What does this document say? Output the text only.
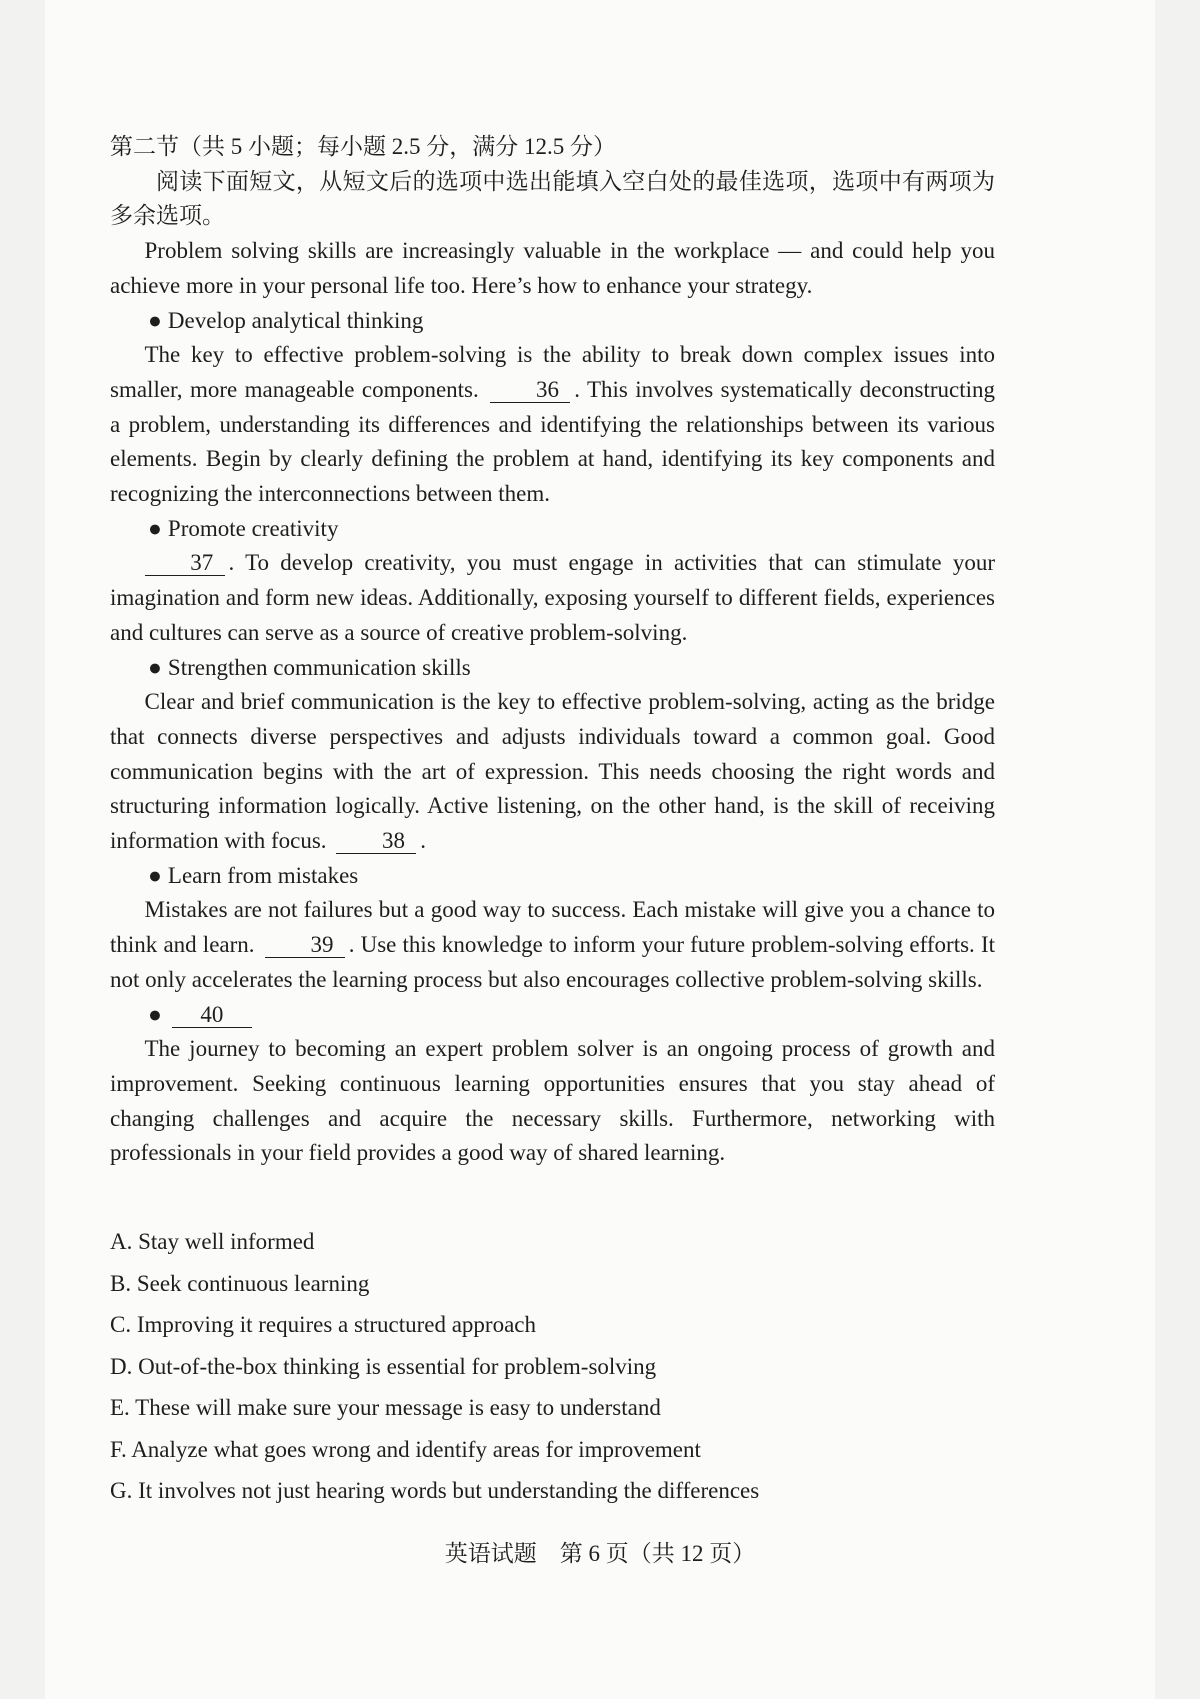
第二节（共 5 小题；每小题 2.5 分，满分 12.5 分）

阅读下面短文，从短文后的选项中选出能填入空白处的最佳选项，选项中有两项为多余选项。

Problem solving skills are increasingly valuable in the workplace — and could help you achieve more in your personal life too. Here’s how to enhance your strategy.

● Develop analytical thinking

The key to effective problem-solving is the ability to break down complex issues into smaller, more manageable components. 36 . This involves systematically deconstructing a problem, understanding its differences and identifying the relationships between its various elements. Begin by clearly defining the problem at hand, identifying its key components and recognizing the interconnections between them.

● Promote creativity

37 . To develop creativity, you must engage in activities that can stimulate your imagination and form new ideas. Additionally, exposing yourself to different fields, experiences and cultures can serve as a source of creative problem-solving.

● Strengthen communication skills

Clear and brief communication is the key to effective problem-solving, acting as the bridge that connects diverse perspectives and adjusts individuals toward a common goal. Good communication begins with the art of expression. This needs choosing the right words and structuring information logically. Active listening, on the other hand, is the skill of receiving information with focus. 38 .

● Learn from mistakes

Mistakes are not failures but a good way to success. Each mistake will give you a chance to think and learn. 39 . Use this knowledge to inform your future problem-solving efforts. It not only accelerates the learning process but also encourages collective problem-solving skills.

● 40

The journey to becoming an expert problem solver is an ongoing process of growth and improvement. Seeking continuous learning opportunities ensures that you stay ahead of changing challenges and acquire the necessary skills. Furthermore, networking with professionals in your field provides a good way of shared learning.

A. Stay well informed

B. Seek continuous learning

C. Improving it requires a structured approach

D. Out-of-the-box thinking is essential for problem-solving

E. These will make sure your message is easy to understand

F. Analyze what goes wrong and identify areas for improvement

G. It involves not just hearing words but understanding the differences

英语试题　第 6 页（共 12 页）
